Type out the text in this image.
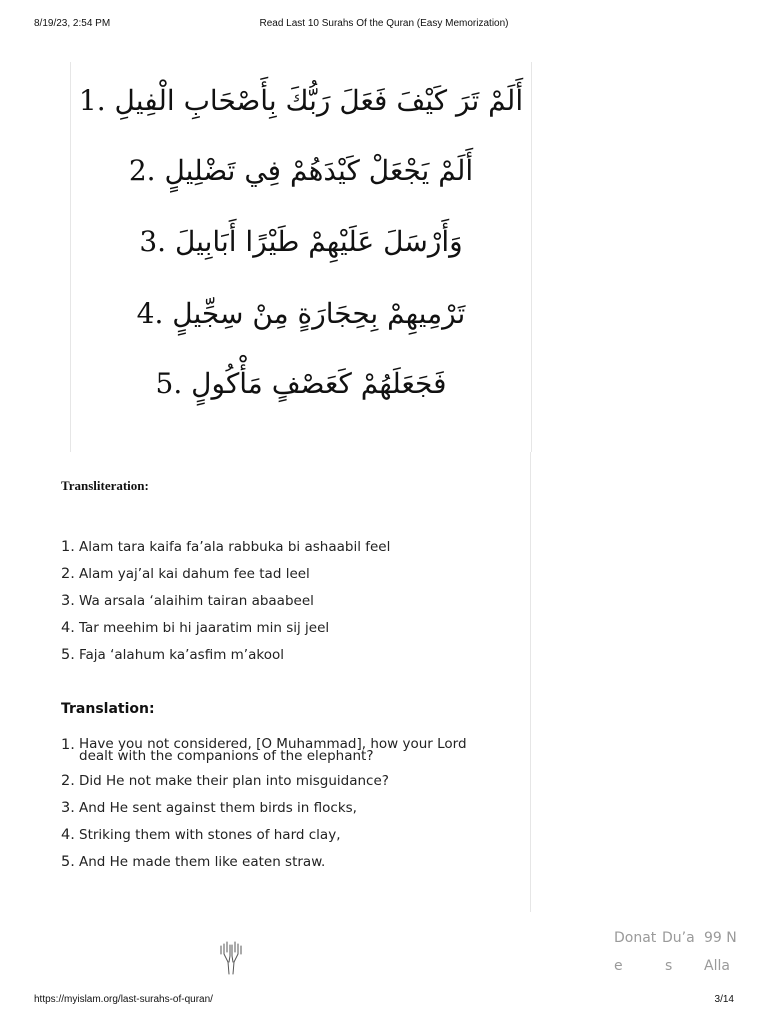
8/19/23, 2:54 PM	Read Last 10 Surahs Of the Quran (Easy Memorization)
أَلَمْ تَرَ كَيْفَ فَعَلَ رَبُّكَ بِأَصْحَابِ الْفِيلِ .1
أَلَمْ يَجْعَلْ كَيْدَهُمْ فِي تَضْلِيلٍ .2
وَأَرْسَلَ عَلَيْهِمْ طَيْرًا أَبَابِيلَ .3
تَرْمِيهِمْ بِحِجَارَةٍ مِنْ سِجِّيلٍ .4
فَجَعَلَهُمْ كَعَصْفٍ مَأْكُولٍ .5
Transliteration:
1. Alam tara kaifa fa’ala rabbuka bi ashaabil feel
2. Alam yaj’al kai dahum fee tad leel
3. Wa arsala ‘alaihim tairan abaabeel
4. Tar meehim bi hi jaaratim min sij jeel
5. Faja ‘alahum ka’asfim m’akool
Translation:
1. Have you not considered, [O Muhammad], how your Lord dealt with the companions of the elephant?
2. Did He not make their plan into misguidance?
3. And He sent against them birds in flocks,
4. Striking them with stones of hard clay,
5. And He made them like eaten straw.
Donat
e
Du’a
s
99 N
Alla
https://myislam.org/last-surahs-of-quran/	3/14
